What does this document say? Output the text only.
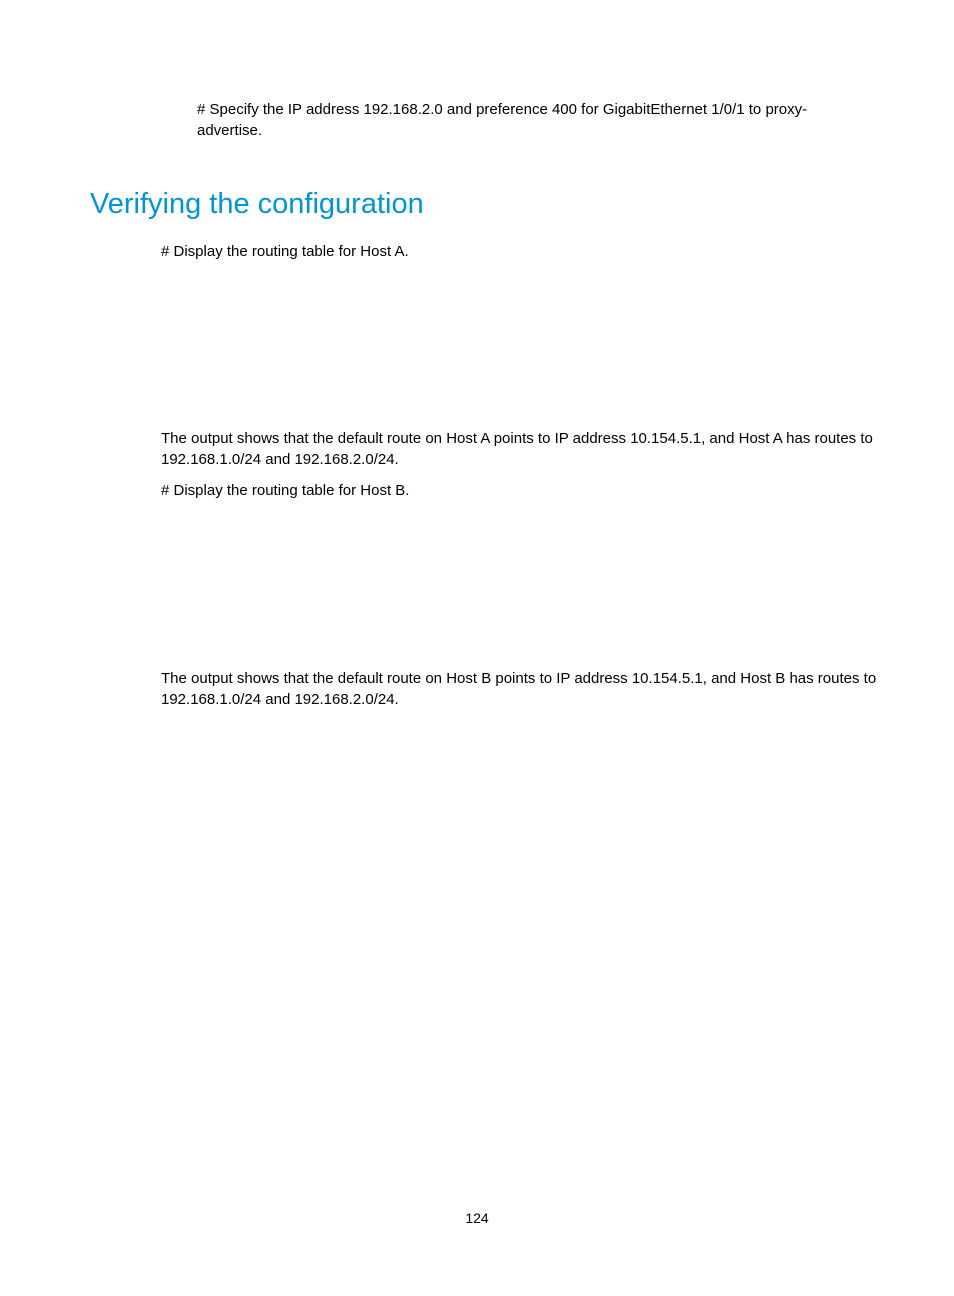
# Specify the IP address 192.168.2.0 and preference 400 for GigabitEthernet 1/0/1 to proxy-advertise.

Verifying the configuration

# Display the routing table for Host A.

The output shows that the default route on Host A points to IP address 10.154.5.1, and Host A has routes to 192.168.1.0/24 and 192.168.2.0/24.

# Display the routing table for Host B.

The output shows that the default route on Host B points to IP address 10.154.5.1, and Host B has routes to 192.168.1.0/24 and 192.168.2.0/24.

124
